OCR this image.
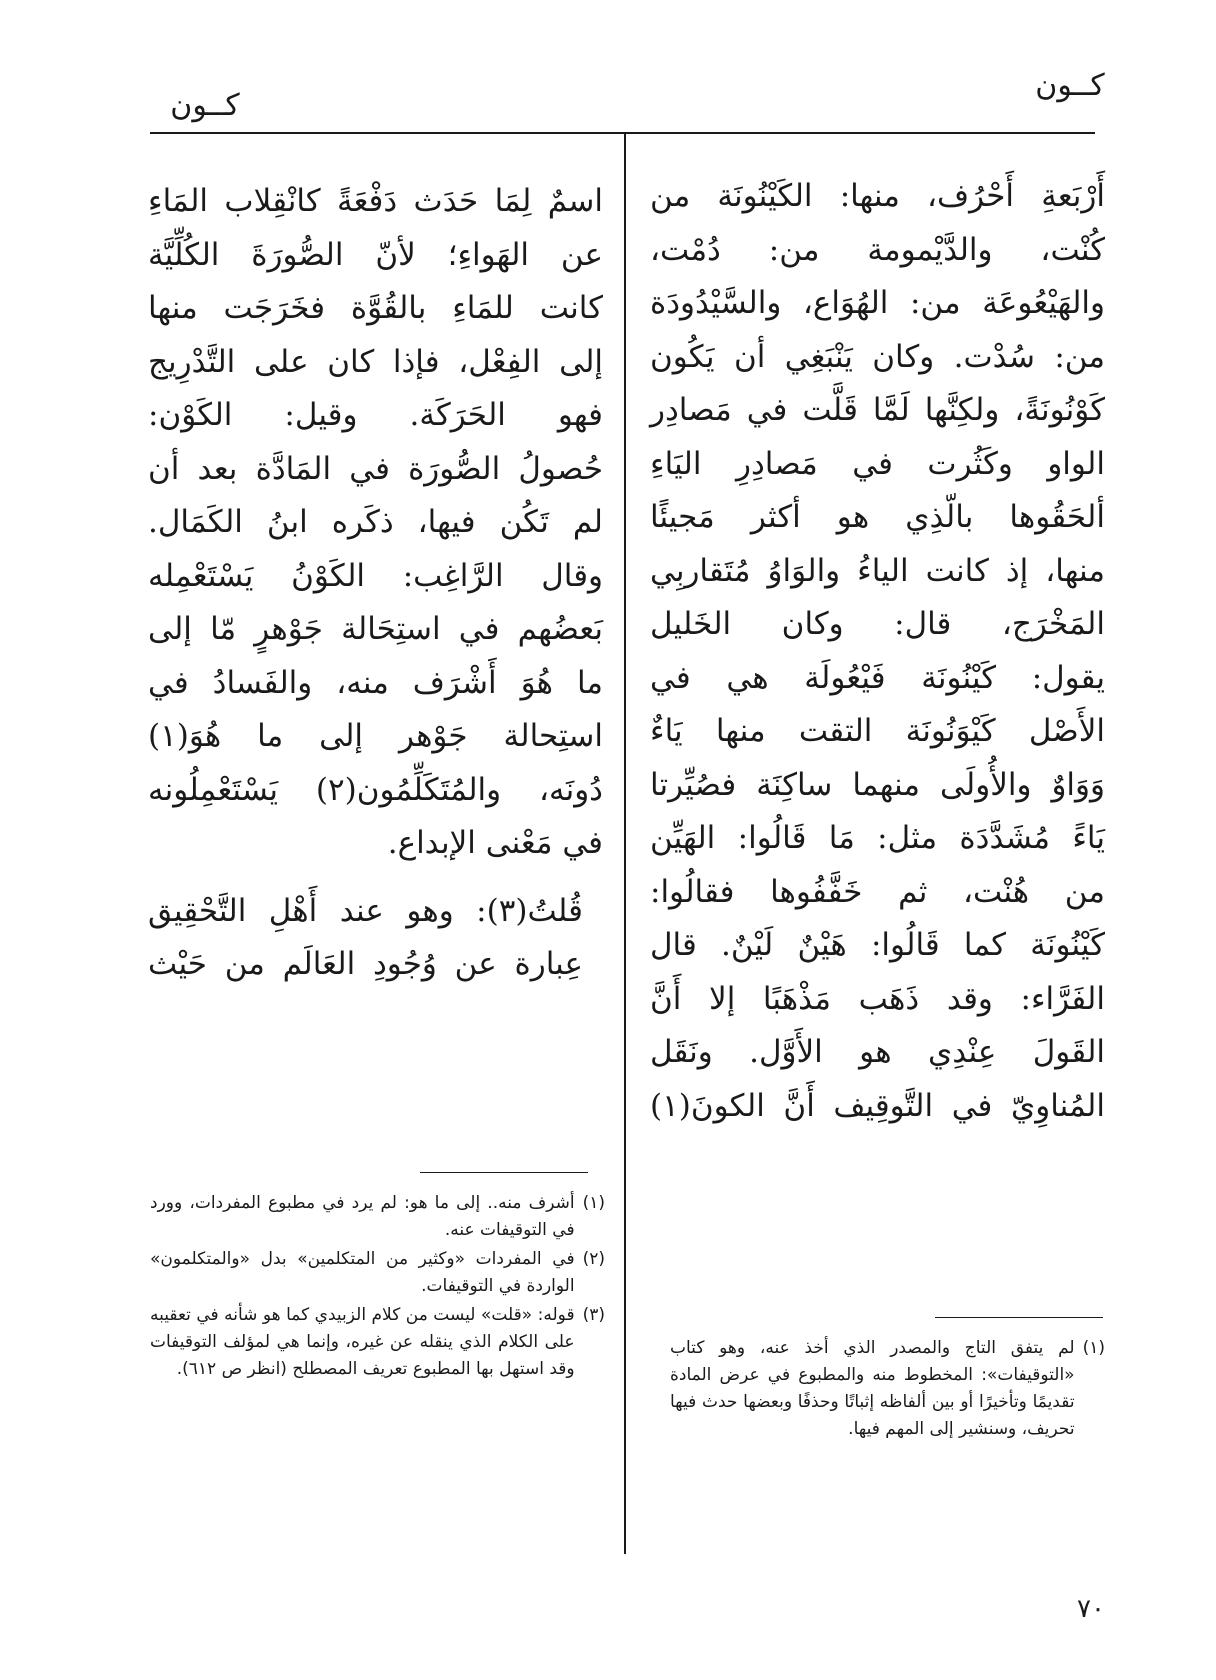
كــون
كــون
أَرْبَعةِ أَحْرُف، منها: الكَيْنُونَة من
كُنْت، والدَّيْمومة من: دُمْت،
والهَيْعُوعَة من: الهُوَاع، والسَّيْدُودَة
من: سُدْت. وكان يَنْبَغِي أن يَكُون
كَوْنُونَةً، ولكِنَّها لَمَّا قَلَّت في مَصادِر
الواو وكَثُرت في مَصادِرِ اليَاءِ
ألحَقُوها بالّذِي هو أكثر مَجيئًا
منها، إذ كانت الياءُ والوَاوُ مُتَقاربِي
المَخْرَج، قال: وكان الخَليل
يقول: كَيْنُونَة فَيْعُولَة هي في
الأَصْل كَيْوَنُونَة التقت منها يَاءٌ
وَوَاوٌ والأُولَى منهما ساكِنَة فصُيِّرتا
يَاءً مُشَدَّدَة مثل: مَا قَالُوا: الهَيِّن
من هُنْت، ثم خَفَّفُوها فقالُوا:
كَيْنُونَة كما قَالُوا: هَيْنٌ لَيْنٌ. قال
الفَرَّاء: وقد ذَهَب مَذْهَبًا إلا أَنَّ
القَولَ عِنْدِي هو الأَوَّل. ونَقَل
المُناوِيّ في التَّوقِيف أَنَّ الكونَ(١)

اسمٌ لِمَا حَدَث دَفْعَةً كانْقِلاب المَاءِ
عن الهَواءِ؛ لأنّ الصُّورَةَ الكُلِّيَّة
كانت للمَاءِ بالقُوَّة فخَرَجَت منها
إلى الفِعْل، فإذا كان على التَّدْرِيج
فهو الحَرَكَة. وقيل: الكَوْن:
حُصولُ الصُّورَة في المَادَّة بعد أن
لم تَكُن فيها، ذكَره ابنُ الكَمَال.
وقال الرَّاغِب: الكَوْنُ يَسْتَعْمِله
بَعضُهم في استِحَالة جَوْهرٍ مّا إلى
ما هُوَ أَشْرَف منه، والفَسادُ في
استِحالة جَوْهر إلى ما هُوَ(١)
دُونَه، والمُتَكَلِّمُون(٢) يَسْتَعْمِلُونه
في مَعْنى الإبداع.

قُلتُ(٣): وهو عند أَهْلِ التَّحْقِيق
عِبارة عن وُجُودِ العَالَم من حَيْث

(١)
أشرف منه.. إلى ما هو: لم يرد في مطبوع المفردات، وورد في التوقيفات عنه.
(٢)
في المفردات «وكثير من المتكلمين» بدل «والمتكلمون» الواردة في التوقيفات.
(٣)
قوله: «قلت» ليست من كلام الزبيدي كما هو شأنه في تعقيبه على الكلام الذي ينقله عن غيره، وإنما هي لمؤلف التوقيفات وقد استهل بها المطبوع تعريف المصطلح (انظر ص ٦١٢).
(١)
لم يتفق التاج والمصدر الذي أخذ عنه، وهو كتاب «التوقيفات»: المخطوط منه والمطبوع في عرض المادة تقديمًا وتأخيرًا أو بين ألفاظه إثباتًا وحذفًا وبعضها حدث فيها تحريف، وسنشير إلى المهم فيها.
٧٠
